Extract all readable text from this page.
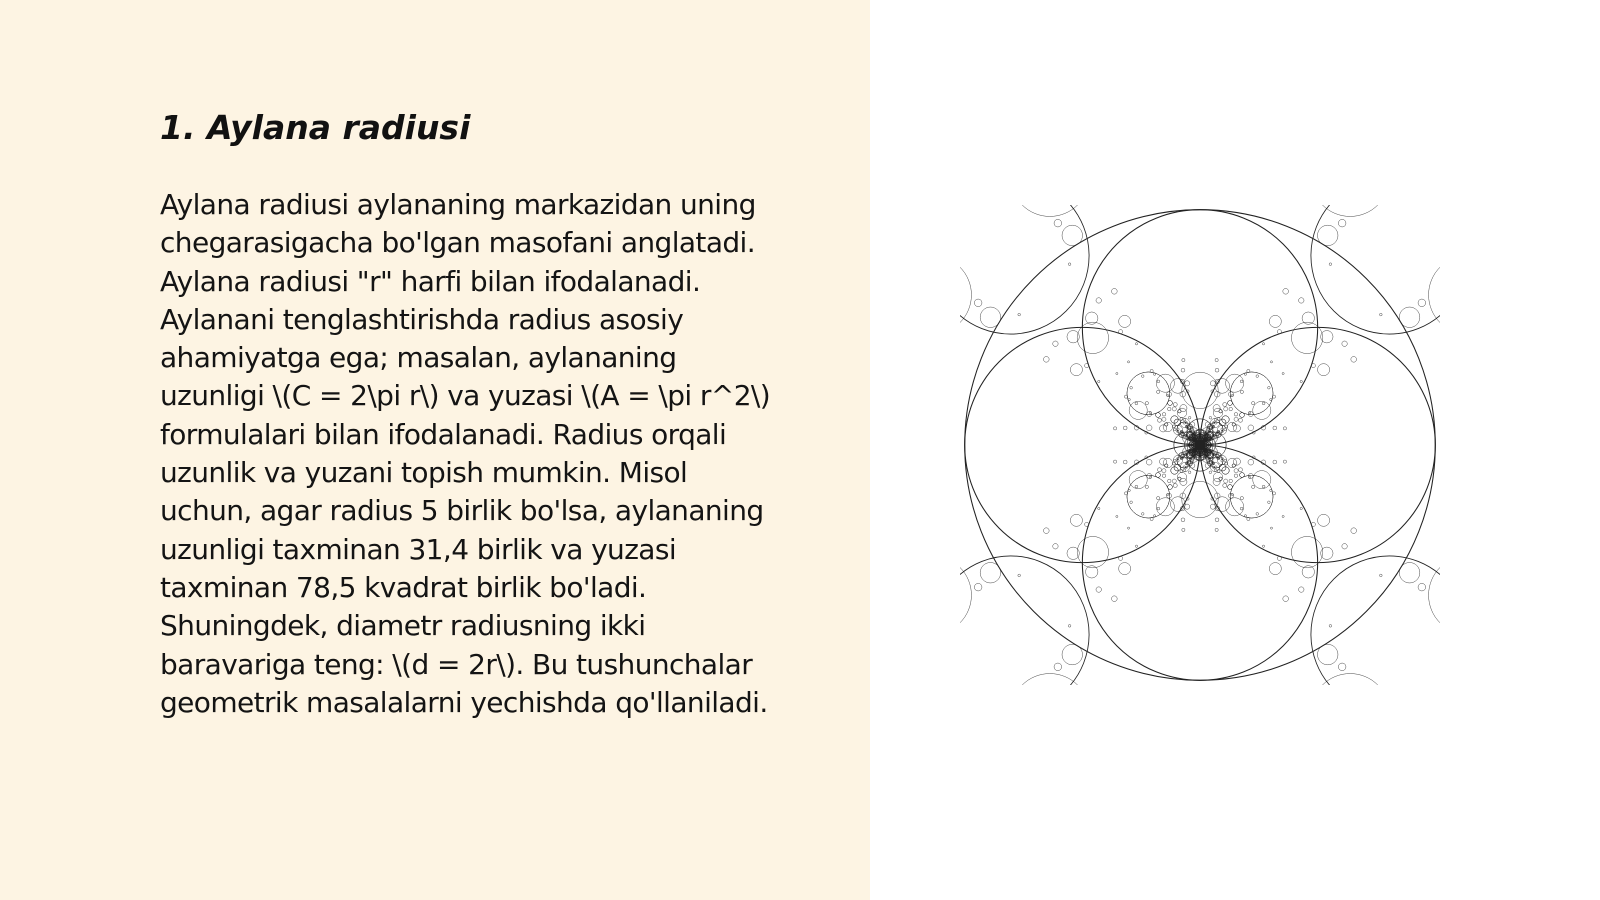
1. Aylana radiusi

Aylana radiusi aylananing markazidan uning
chegarasigacha bo'lgan masofani anglatadi.
Aylana radiusi "r" harfi bilan ifodalanadi.
Aylanani tenglashtirishda radius asosiy
ahamiyatga ega; masalan, aylananing
uzunligi \(C = 2\pi r\) va yuzasi \(A = \pi r^2\)
formulalari bilan ifodalanadi. Radius orqali
uzunlik va yuzani topish mumkin. Misol
uchun, agar radius 5 birlik bo'lsa, aylananing
uzunligi taxminan 31,4 birlik va yuzasi
taxminan 78,5 kvadrat birlik bo'ladi.
Shuningdek, diametr radiusning ikki
baravariga teng: \(d = 2r\). Bu tushunchalar
geometrik masalalarni yechishda qo'llaniladi.
